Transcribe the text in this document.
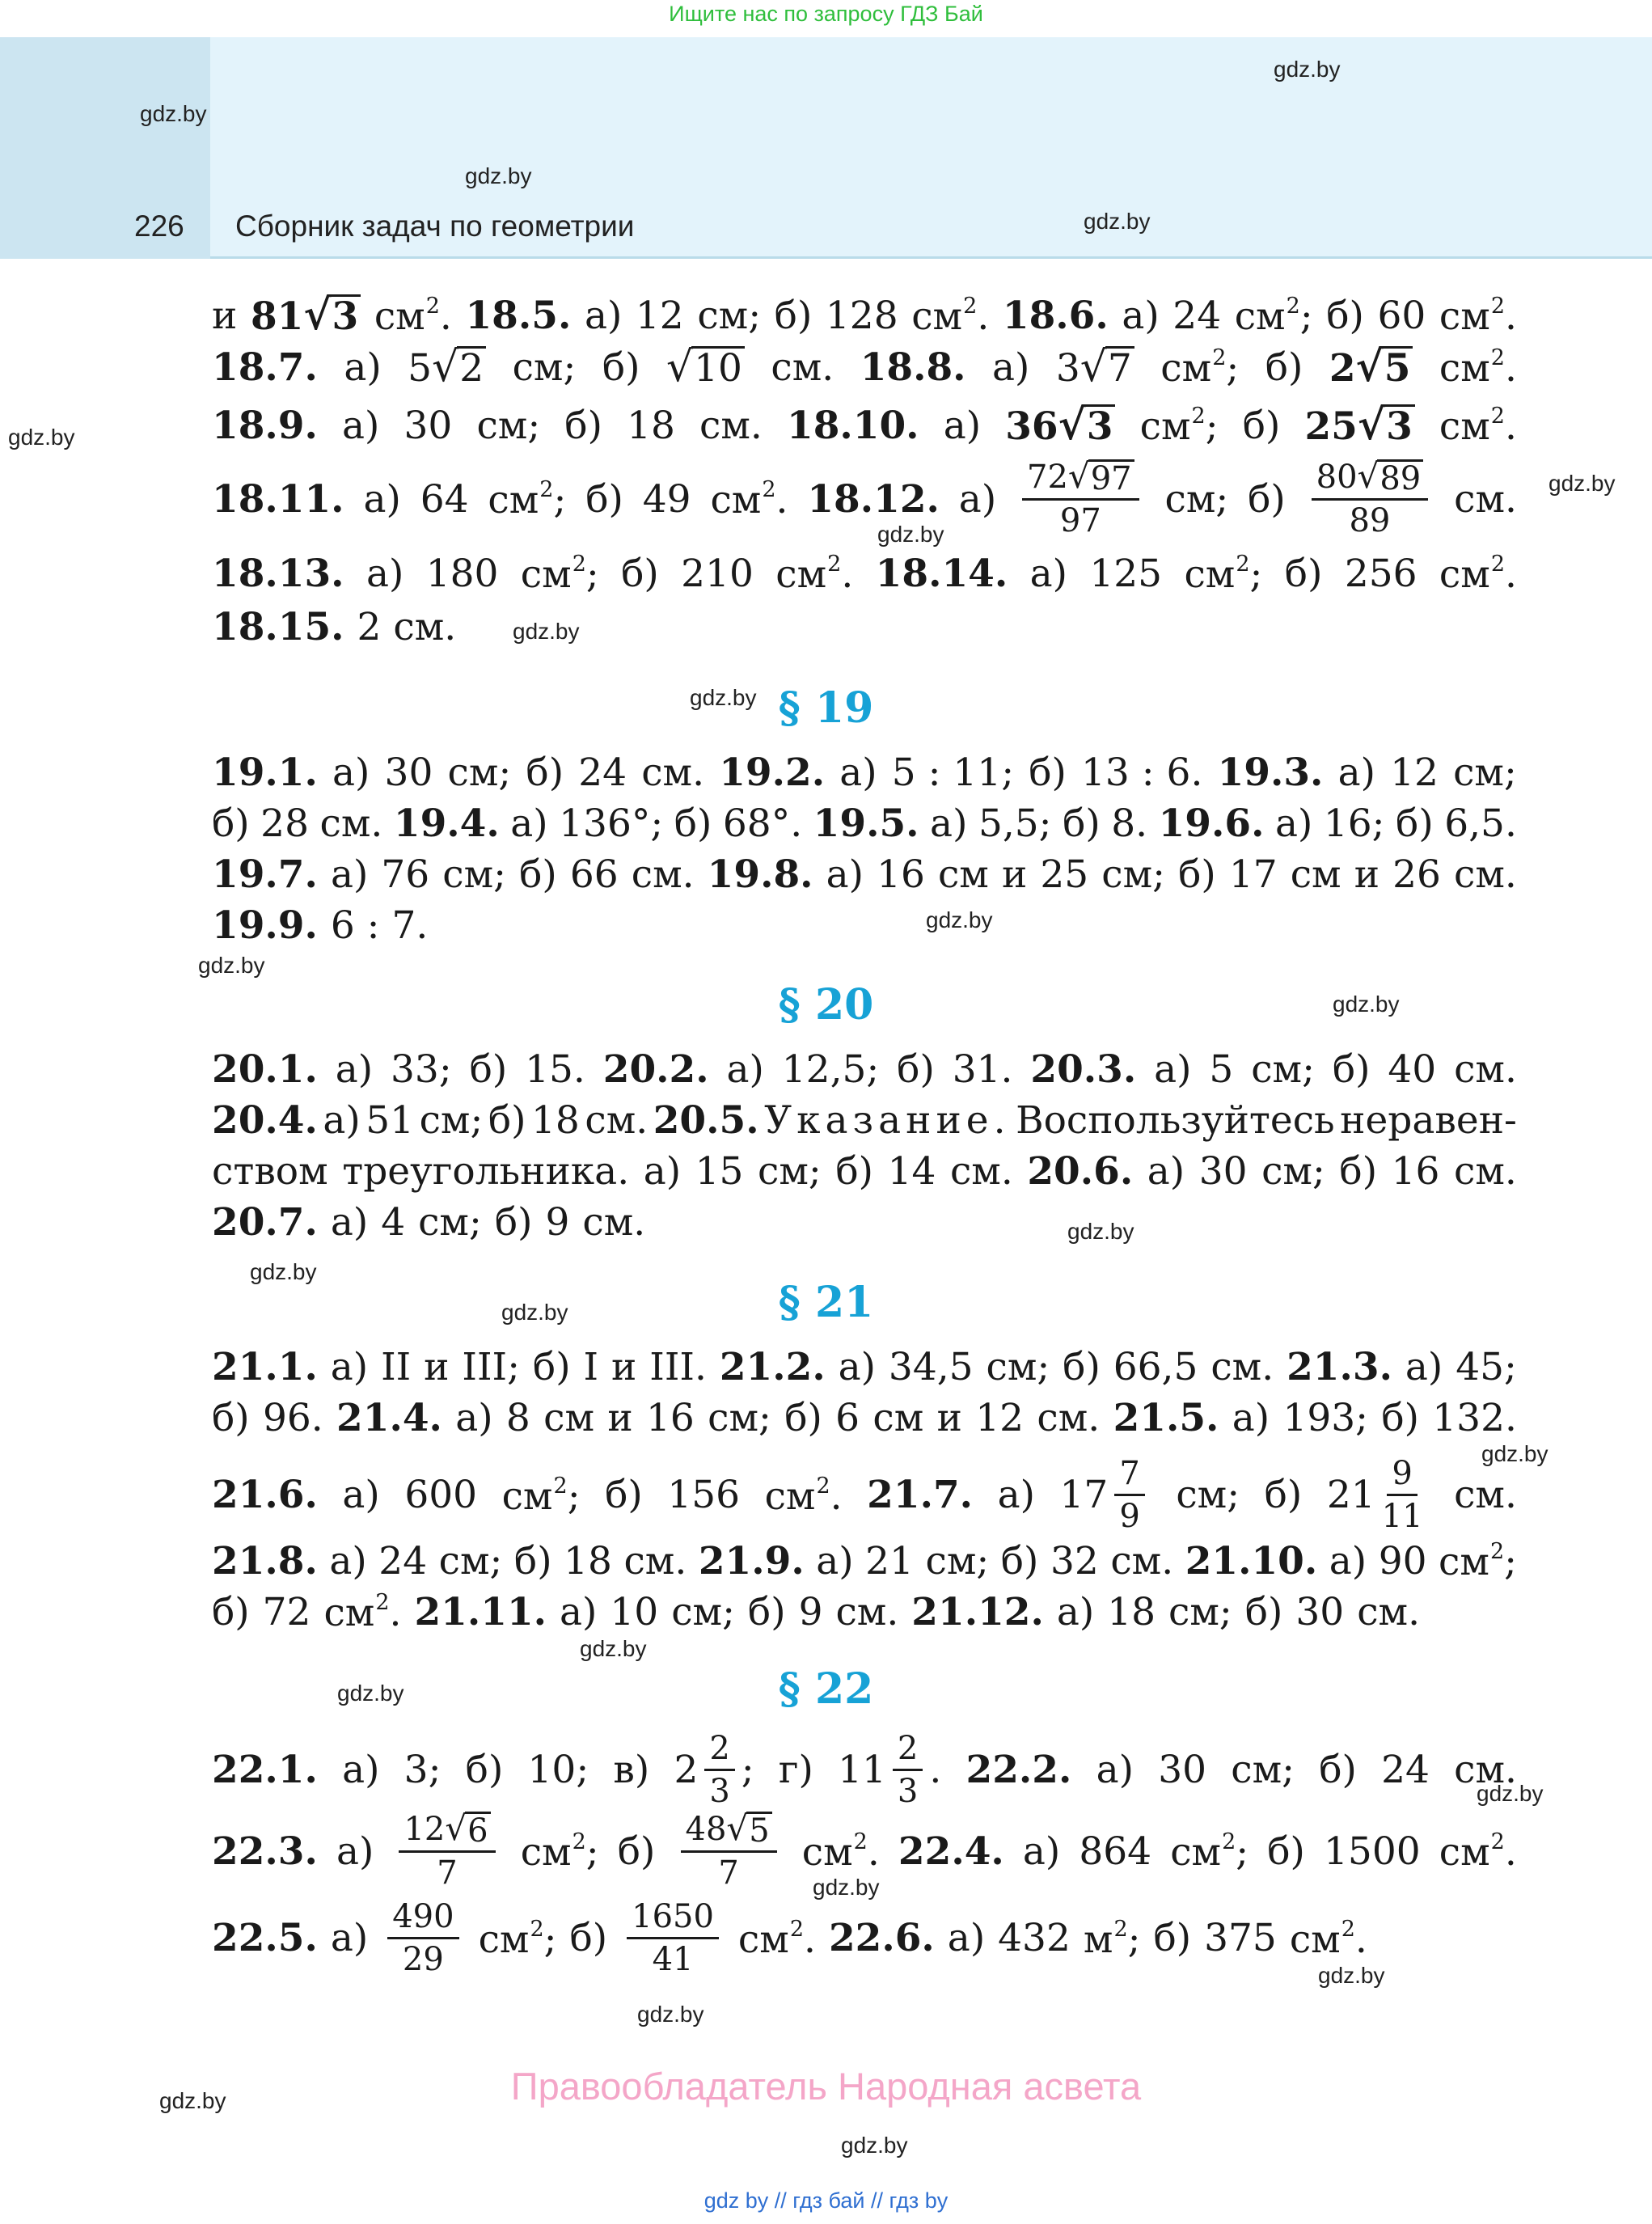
Ищите нас по запросу ГДЗ Бай
226 Сборник задач по геометрии
gdz.by
gdz.by
gdz.by
gdz.by
gdz.by
gdz.by
gdz.by
gdz.by
gdz.by
gdz.by
gdz.by
gdz.by
gdz.by
gdz.by
gdz.by
gdz.by
gdz.by
gdz.by
gdz.by
gdz.by
gdz.by
gdz.by
gdz.by
gdz.by
и 81 √ 3 $см^2$. 18.5. а) 12 см; б) 128 $см^2$. 18.6. а) 24 $см^2$; б) 60 $см^2$.
18.7. а) 5 √ 2 см; б) √ 10 см. 18.8. а) 3 √ 7 $см^2$; б) 2 √ 5 $см^2$.
18.9. а) 30 см; б) 18 см. 18.10. а) 36 √ 3 $см^2$; б) 25 √ 3 $см^2$.
18.11. а) 64 $см^2$; б) 49 $см^2$. 18.12. $а) \frac{72 √ 97}{97}$ см; $б) \frac{80 √ 89}{89}$ см.
18.13. а) 180 $см^2$; б) 210 $см^2$. 18.14. а) 125 $см^2$; б) 256 $см^2$.
18.15. 2 см.
§ 19
19.1. а) 30 см; б) 24 см. 19.2. а) 5 : 11; б) 13 : 6. 19.3. а) 12 см;
б) 28 см. 19.4. а) 136°; б) 68°. 19.5. а) 5,5; б) 8. 19.6. а) 16; б) 6,5.
19.7. а) 76 см; б) 66 см. 19.8. а) 16 см и 25 см; б) 17 см и 26 см.
19.9. 6 : 7.
§ 20
20.1. а) 33; б) 15. 20.2. а) 12,5; б) 31. 20.3. а) 5 см; б) 40 см.
20.4. а) 51 см; б) 18 см. 20.5. Указание. Воспользуйтесь неравен-
ством треугольника. а) 15 см; б) 14 см. 20.6. а) 30 см; б) 16 см.
20.7. а) 4 см; б) 9 см.
§ 21
21.1. а) II и III; б) I и III. 21.2. а) 34,5 см; б) 66,5 см. 21.3. а) 45;
б) 96. 21.4. а) 8 см и 16 см; б) 6 см и 12 см. 21.5. а) 193; б) 132.
21.6. а) 600 $см^2$; б) 156 $см^2$. 21.7. а) $17 \frac{7}{9}$ см; б) $21 \frac{9}{11}$ см.
21.8. а) 24 см; б) 18 см. 21.9. а) 21 см; б) 32 см. 21.10. а) 90 $см^2$;
б) 72 $см^2$. 21.11. а) 10 см; б) 9 см. 21.12. а) 18 см; б) 30 см.
§ 22
22.1. а) 3; б) 10; в) $2 \frac{2}{3}$ ; г) $11 \frac{2}{3}$ . 22.2. а) 30 см; б) 24 см.
22.3. $а) \frac{12 √ 6}{7} см^2$; $б) \frac{48 √ 5}{7} см^2$. 22.4. а) 864 $см^2$; б) 1500 $см^2$.
22.5. $а) \frac{490}{29} см^2$; $б) \frac{1650}{41} см^2$. 22.6. а) 432 $м^2$; б) 375 $см^2$.
Правообладатель Народная асвета
gdz by // гдз бай // гдз by
